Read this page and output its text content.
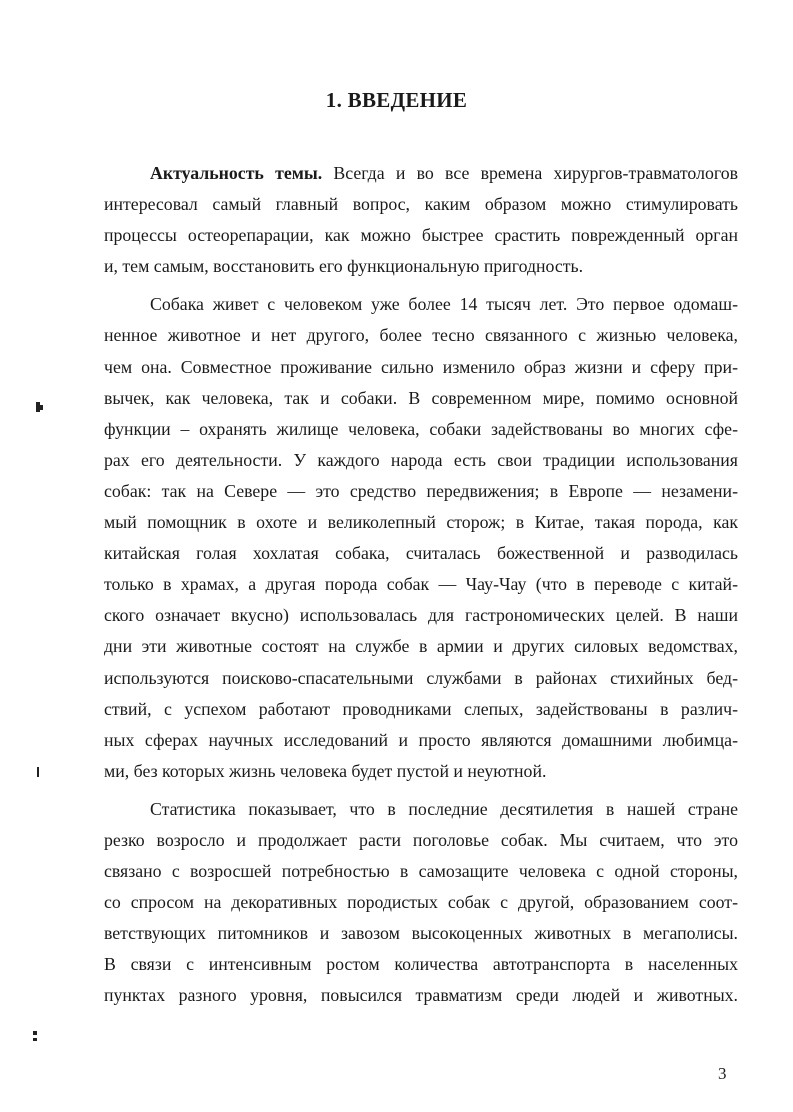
1. ВВЕДЕНИЕ
Актуальность темы. Всегда и во все времена хирургов-травматологов
интересовал самый главный вопрос, каким образом можно стимулировать
процессы остеорепарации, как можно быстрее срастить поврежденный орган
и, тем самым, восстановить его функциональную пригодность.
Собака живет с человеком уже более 14 тысяч лет. Это первое одомаш-
ненное животное и нет другого, более тесно связанного с жизнью человека,
чем она. Совместное проживание сильно изменило образ жизни и сферу при-
вычек, как человека, так и собаки. В современном мире, помимо основной
функции – охранять жилище человека, собаки задействованы во многих сфе-
рах его деятельности. У каждого народа есть свои традиции использования
собак: так на Севере — это средство передвижения; в Европе — незамени-
мый помощник в охоте и великолепный сторож; в Китае, такая порода, как
китайская голая хохлатая собака, считалась божественной и разводилась
только в храмах, а другая порода собак — Чау-Чау (что в переводе с китай-
ского означает вкусно) использовалась для гастрономических целей. В наши
дни эти животные состоят на службе в армии и других силовых ведомствах,
используются поисково-спасательными службами в районах стихийных бед-
ствий, с успехом работают проводниками слепых, задействованы в различ-
ных сферах научных исследований и просто являются домашними любимца-
ми, без которых жизнь человека будет пустой и неуютной.
Статистика показывает, что в последние десятилетия в нашей стране
резко возросло и продолжает расти поголовье собак. Мы считаем, что это
связано с возросшей потребностью в самозащите человека с одной стороны,
со спросом на декоративных породистых собак с другой, образованием соот-
ветствующих питомников и завозом высокоценных животных в мегаполисы.
В связи с интенсивным ростом количества автотранспорта в населенных
пунктах разного уровня, повысился травматизм среди людей и животных.
3
